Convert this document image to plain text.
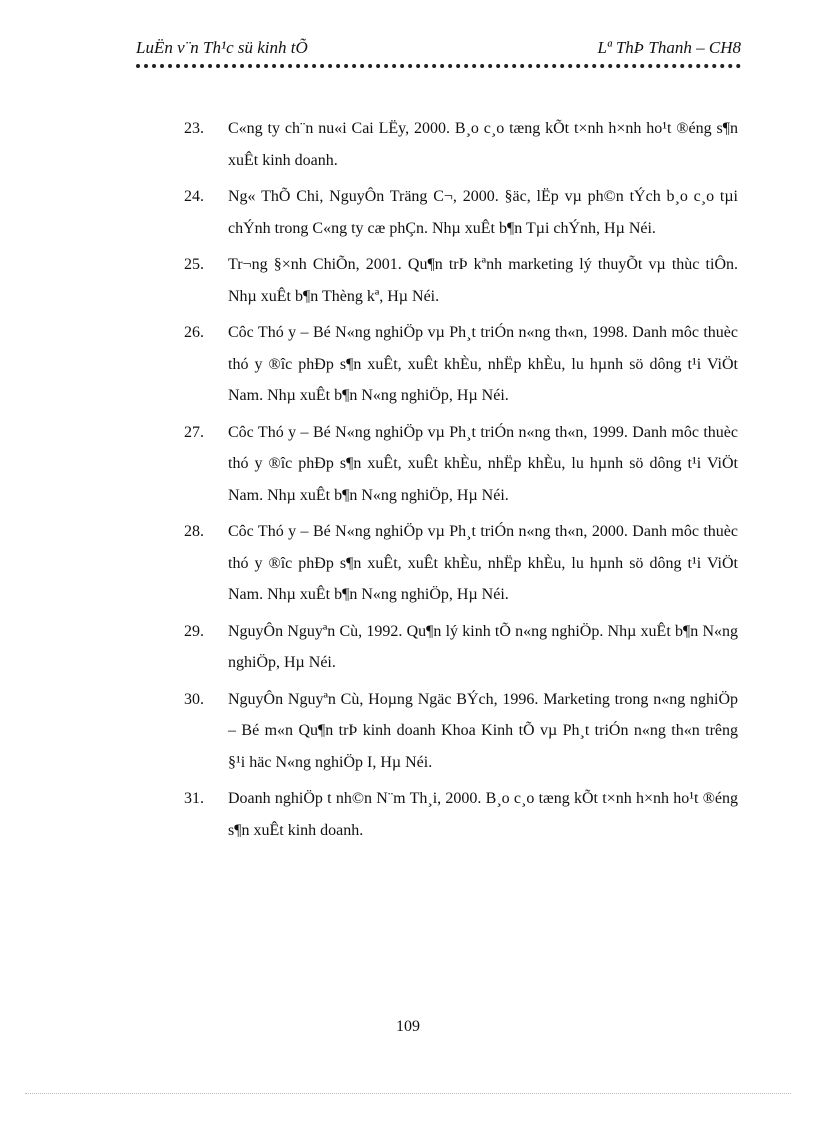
LuËn v¨n Th¹c sü kinh tÕ	Lª ThÞ Thanh – CH8
23.	C«ng ty ch¨n nu«i Cai LËy, 2000. B¸o c¸o tæng kÕt t×nh h×nh ho¹t ®éng s¶n xuÊt kinh doanh.
24.	Ng« ThÕ Chi, NguyÔn Träng C¬, 2000. §äc, lËp vµ ph©n tÝch b¸o c¸o tµi chÝnh trong C«ng ty cæ phÇn. Nhµ xuÊt b¶n Tµi chÝnh, Hµ Néi.
25.	Tr¬ng §×nh ChiÕn, 2001. Qu¶n trÞ kªnh marketing lý thuyÕt vµ thùc tiÔn. Nhµ xuÊt b¶n Thèng kª, Hµ Néi.
26.	Côc Thó y – Bé N«ng nghiÖp vµ Ph¸t triÓn n«ng th«n, 1998. Danh môc thuèc thó y ®îc phÐp s¶n xuÊt, xuÊt khÈu, nhËp khÈu, lu hµnh sö dông t¹i ViÖt Nam. Nhµ xuÊt b¶n N«ng nghiÖp, Hµ Néi.
27.	Côc Thó y – Bé N«ng nghiÖp vµ Ph¸t triÓn n«ng th«n, 1999. Danh môc thuèc thó y ®îc phÐp s¶n xuÊt, xuÊt khÈu, nhËp khÈu, lu hµnh sö dông t¹i ViÖt Nam. Nhµ xuÊt b¶n N«ng nghiÖp, Hµ Néi.
28.	Côc Thó y – Bé N«ng nghiÖp vµ Ph¸t triÓn n«ng th«n, 2000. Danh môc thuèc thó y ®îc phÐp s¶n xuÊt, xuÊt khÈu, nhËp khÈu, lu hµnh sö dông t¹i ViÖt Nam. Nhµ xuÊt b¶n N«ng nghiÖp, Hµ Néi.
29.	NguyÔn Nguyªn Cù, 1992. Qu¶n lý kinh tÕ n«ng nghiÖp. Nhµ xuÊt b¶n N«ng nghiÖp, Hµ Néi.
30.	NguyÔn Nguyªn Cù, Hoµng Ngäc BÝch, 1996. Marketing trong n«ng nghiÖp – Bé m«n Qu¶n trÞ kinh doanh Khoa Kinh tÕ vµ Ph¸t triÓn n«ng th«n trêng §¹i häc N«ng nghiÖp I, Hµ Néi.
31.	Doanh nghiÖp t nh©n N¨m Th¸i, 2000. B¸o c¸o tæng kÕt t×nh h×nh ho¹t ®éng s¶n xuÊt kinh doanh.
109
